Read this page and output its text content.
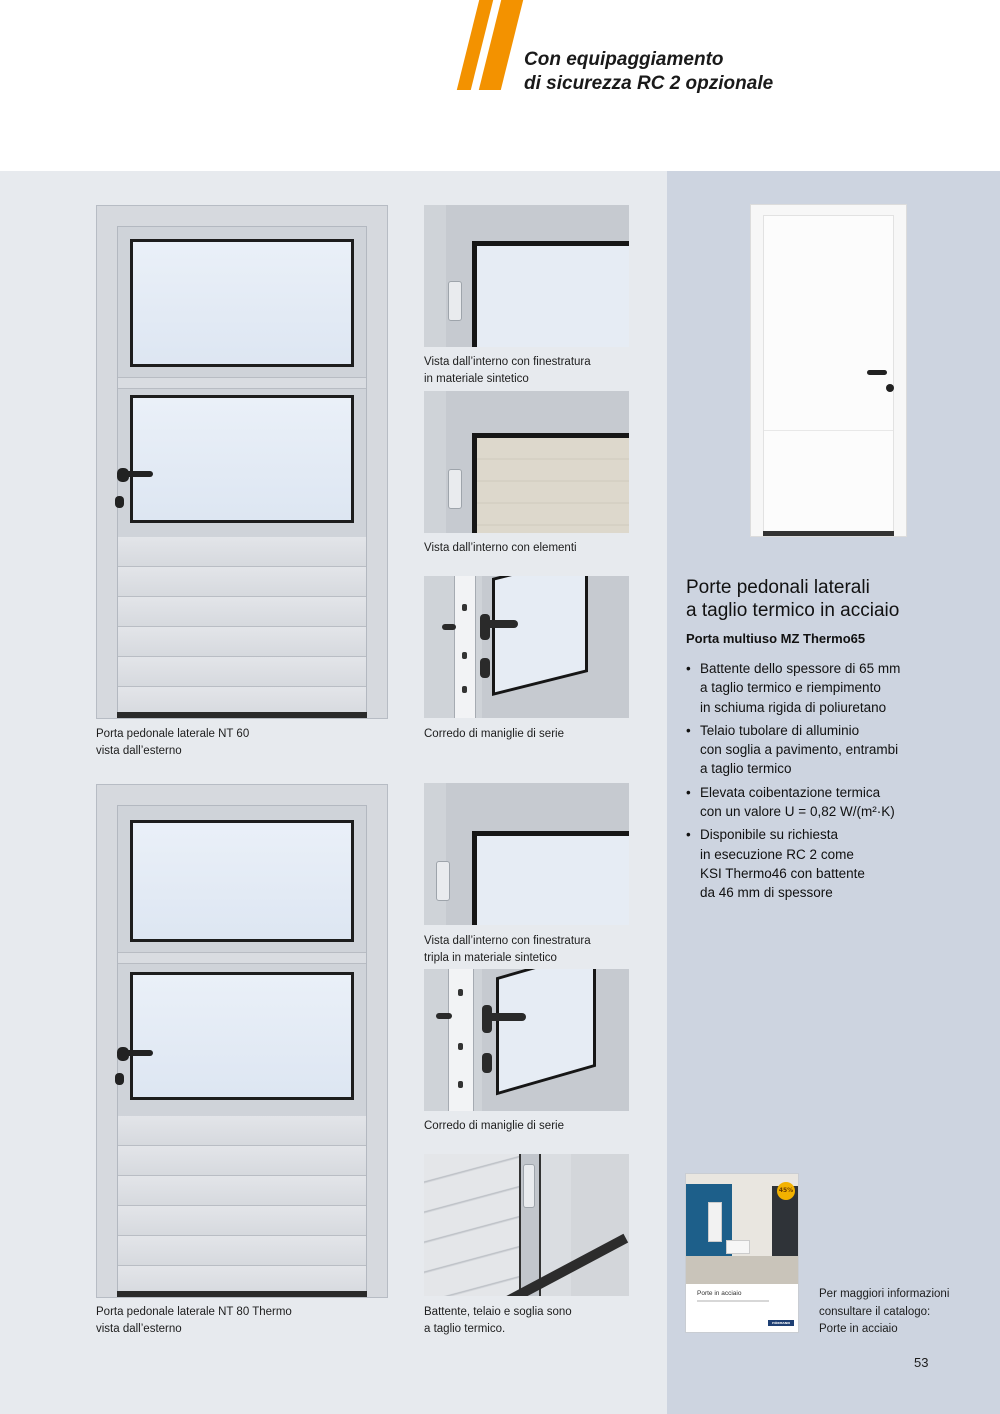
Con equipaggiamento
di sicurezza RC 2 opzionale
Porta pedonale laterale NT 60
vista dall’esterno
Porta pedonale laterale NT 80 Thermo
vista dall’esterno
Vista dall’interno con finestratura
in materiale sintetico
Vista dall’interno con elementi
Corredo di maniglie di serie
Vista dall’interno con finestratura
tripla in materiale sintetico
Corredo di maniglie di serie
Battente, telaio e soglia sono
a taglio termico.
Porte pedonali laterali
a taglio termico in acciaio
Porta multiuso MZ Thermo65
• Battente dello spessore di 65 mm
a taglio termico e riempimento
in schiuma rigida di poliuretano
• Telaio tubolare di alluminio
con soglia a pavimento, entrambi
a taglio termico
• Elevata coibentazione termica
con un valore U = 0,82 W/(m²·K)
• Disponibile su richiesta
in esecuzione RC 2 come
KSI Thermo46 con battente
da 46 mm di spessore
45%
Porte in acciaio
HÖRMANN
Per maggiori informazioni
consultare il catalogo:
Porte in acciaio
53
